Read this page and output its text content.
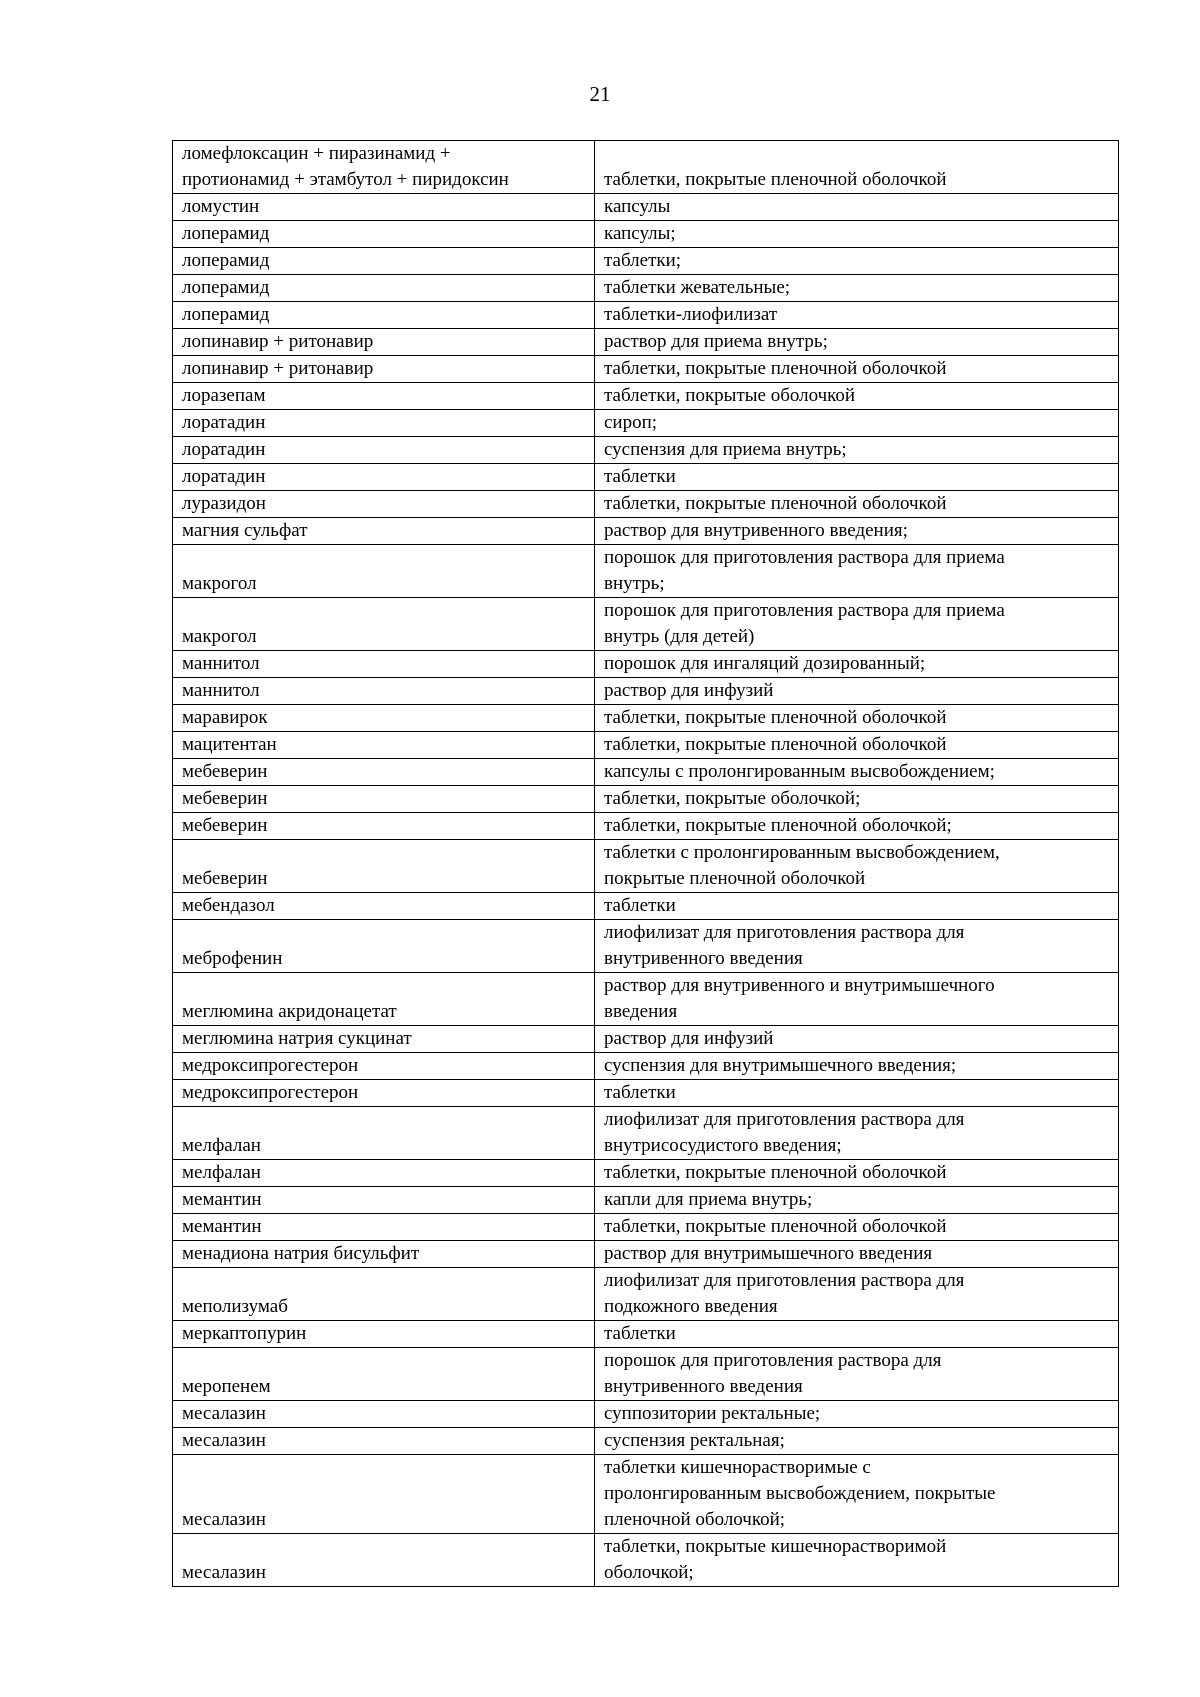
21
ломефлоксацин + пиразинамид +
протионамид + этамбутол + пиридоксин	таблетки, покрытые пленочной оболочкой
ломустин	капсулы
лоперамид	капсулы;
лоперамид	таблетки;
лоперамид	таблетки жевательные;
лоперамид	таблетки-лиофилизат
лопинавир + ритонавир	раствор для приема внутрь;
лопинавир + ритонавир	таблетки, покрытые пленочной оболочкой
лоразепам	таблетки, покрытые оболочкой
лоратадин	сироп;
лоратадин	суспензия для приема внутрь;
лоратадин	таблетки
луразидон	таблетки, покрытые пленочной оболочкой
магния сульфат	раствор для внутривенного введения;
макрогол	порошок для приготовления раствора для приема
внутрь;
макрогол	порошок для приготовления раствора для приема
внутрь (для детей)
маннитол	порошок для ингаляций дозированный;
маннитол	раствор для инфузий
маравирок	таблетки, покрытые пленочной оболочкой
мацитентан	таблетки, покрытые пленочной оболочкой
мебеверин	капсулы с пролонгированным высвобождением;
мебеверин	таблетки, покрытые оболочкой;
мебеверин	таблетки, покрытые пленочной оболочкой;
мебеверин	таблетки с пролонгированным высвобождением,
покрытые пленочной оболочкой
мебендазол	таблетки
меброфенин	лиофилизат для приготовления раствора для
внутривенного введения
меглюмина акридонацетат	раствор для внутривенного и внутримышечного
введения
меглюмина натрия сукцинат	раствор для инфузий
медроксипрогестерон	суспензия для внутримышечного введения;
медроксипрогестерон	таблетки
мелфалан	лиофилизат для приготовления раствора для
внутрисосудистого введения;
мелфалан	таблетки, покрытые пленочной оболочкой
мемантин	капли для приема внутрь;
мемантин	таблетки, покрытые пленочной оболочкой
менадиона натрия бисульфит	раствор для внутримышечного введения
меполизумаб	лиофилизат для приготовления раствора для
подкожного введения
меркаптопурин	таблетки
меропенем	порошок для приготовления раствора для
внутривенного введения
месалазин	суппозитории ректальные;
месалазин	суспензия ректальная;
месалазин	таблетки кишечнорастворимые с
пролонгированным высвобождением, покрытые
пленочной оболочкой;
месалазин	таблетки, покрытые кишечнорастворимой
оболочкой;
